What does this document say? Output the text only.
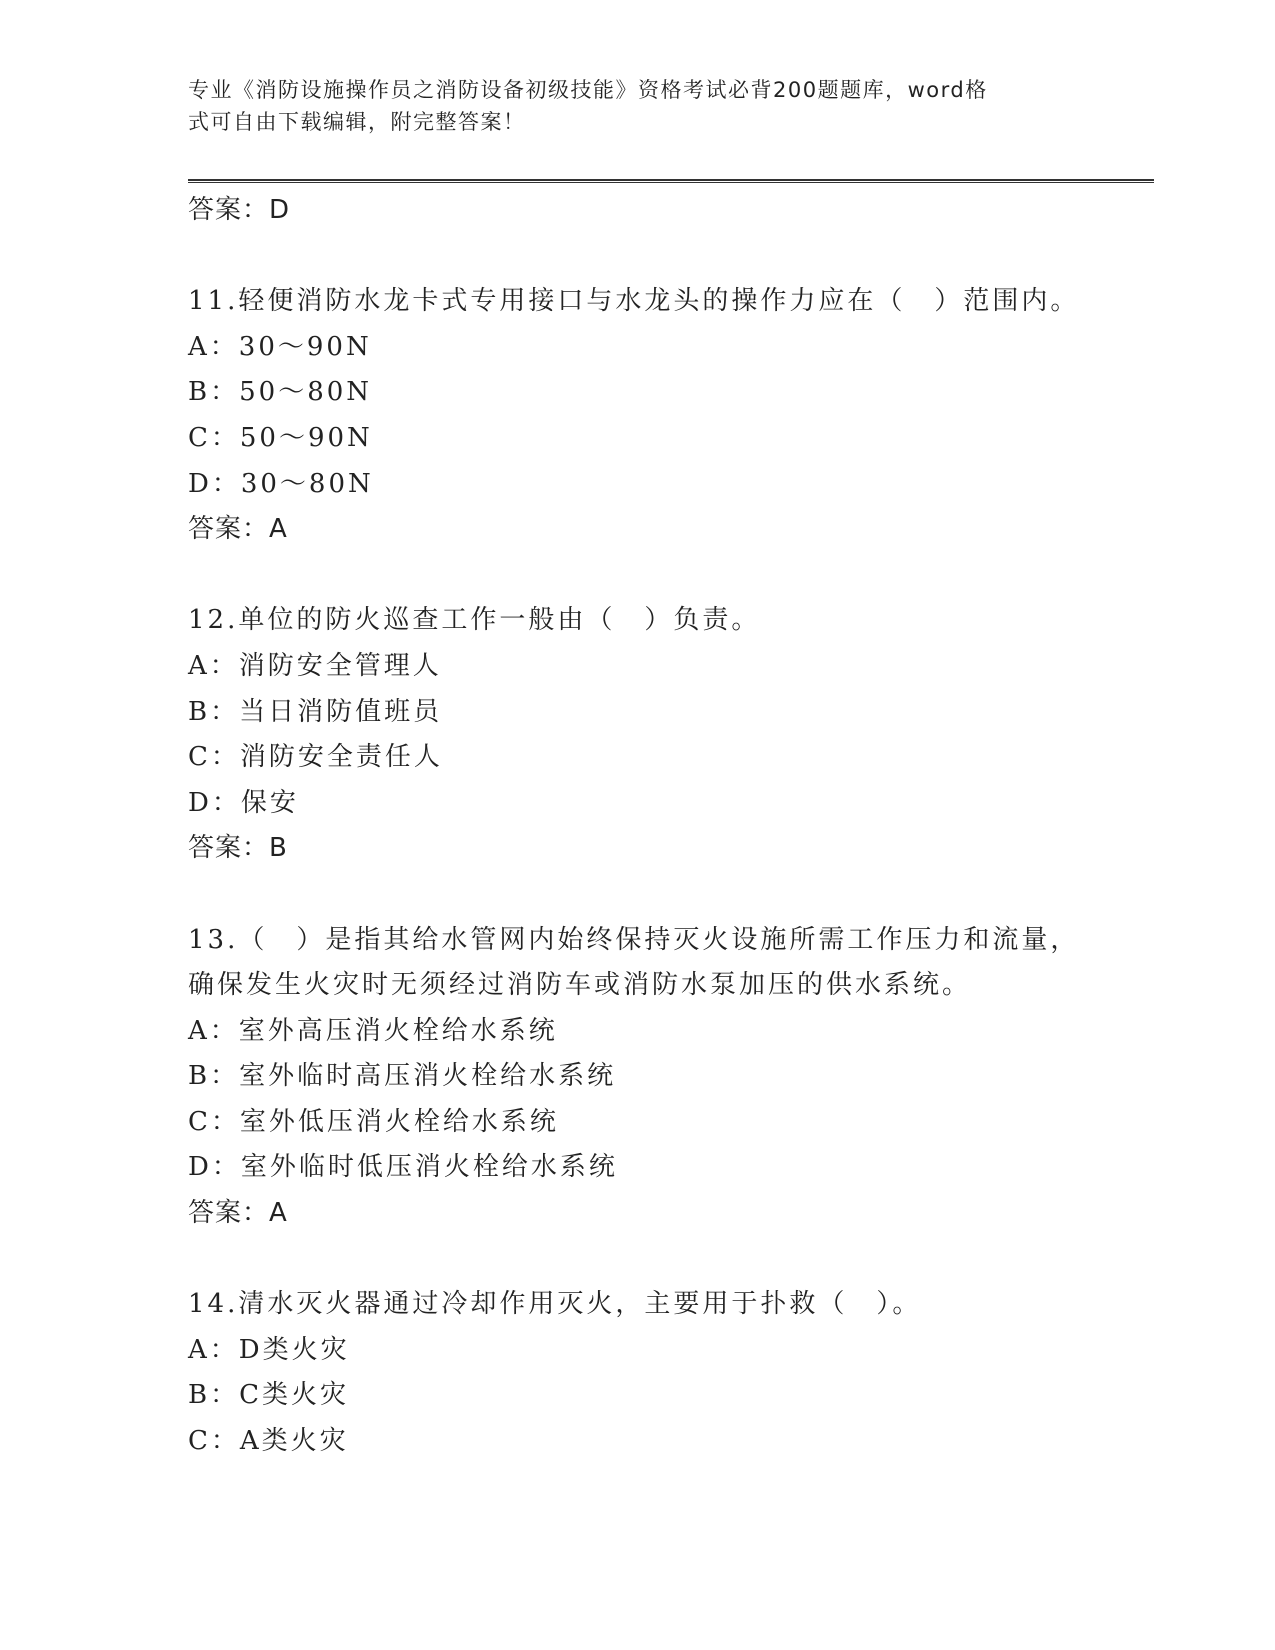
专业《消防设施操作员之消防设备初级技能》资格考试必背200题题库，word格
式可自由下载编辑，附完整答案！
答案：D
11.轻便消防水龙卡式专用接口与水龙头的操作力应在（　）范围内。
A：30～90N
B：50～80N
C：50～90N
D：30～80N
答案：A
12.单位的防火巡查工作一般由（　）负责。
A：消防安全管理人
B：当日消防值班员
C：消防安全责任人
D：保安
答案：B
13.（　）是指其给水管网内始终保持灭火设施所需工作压力和流量，
确保发生火灾时无须经过消防车或消防水泵加压的供水系统。
A：室外高压消火栓给水系统
B：室外临时高压消火栓给水系统
C：室外低压消火栓给水系统
D：室外临时低压消火栓给水系统
答案：A
14.清水灭火器通过冷却作用灭火，主要用于扑救（　）。
A：D类火灾
B：C类火灾
C：A类火灾
